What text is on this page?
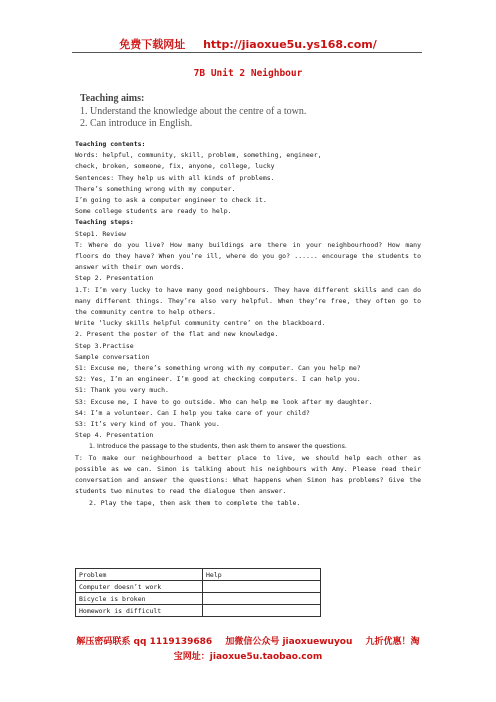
免费下载网址 http://jiaoxue5u.ys168.com/
7B Unit 2 Neighbour
Teaching aims:
1. Understand the knowledge about the centre of a town.
2. Can introduce in English.
Teaching contents:
Words: helpful, community, skill, problem, something, engineer,
check, broken, someone, fix, anyone, college, lucky
Sentences: They help us with all kinds of problems.
There’s something wrong with my computer.
I’m going to ask a computer engineer to check it.
Some college students are ready to help.
Teaching steps:
Step1. Review
T: Where do you live? How many buildings are there in your neighbourhood? How many floors do they have? When you’re ill, where do you go? ...... encourage the students to answer with their own words.
Step 2. Presentation
1.T: I’m very lucky to have many good neighbours. They have different skills and can do many different things. They’re also very helpful. When they’re free, they often go to the community centre to help others.
Write ‘lucky skills helpful community centre’ on the blackboard.
2. Present the poster of the flat and new knowledge.
Step 3.Practise
Sample conversation
S1: Excuse me, there’s something wrong with my computer. Can you help me?
S2: Yes, I’m an engineer. I’m good at checking computers. I can help you.
S1: Thank you very much.
S3: Excuse me, I have to go outside. Who can help me look after my daughter.
S4: I’m a volunteer. Can I help you take care of your child?
S3: It’s very kind of you. Thank you.
Step 4. Presentation
1. Introduce the passage to the students, then ask them to answer the questions.
T: To make our neighbourhood a better place to live, we should help each other as possible as we can. Simon is talking about his neighbours with Amy. Please read their conversation and answer the questions: What happens when Simon has problems? Give the students two minutes to read the dialogue then answer.
2. Play the tape, then ask them to complete the table.
Problem	Help
Computer doesn’t work	
Bicycle is broken	
Homework is difficult	
解压密码联系 qq 1119139686 加微信公众号 jiaoxuewuyou 九折优惠！淘
宝网址：jiaoxue5u.taobao.com
